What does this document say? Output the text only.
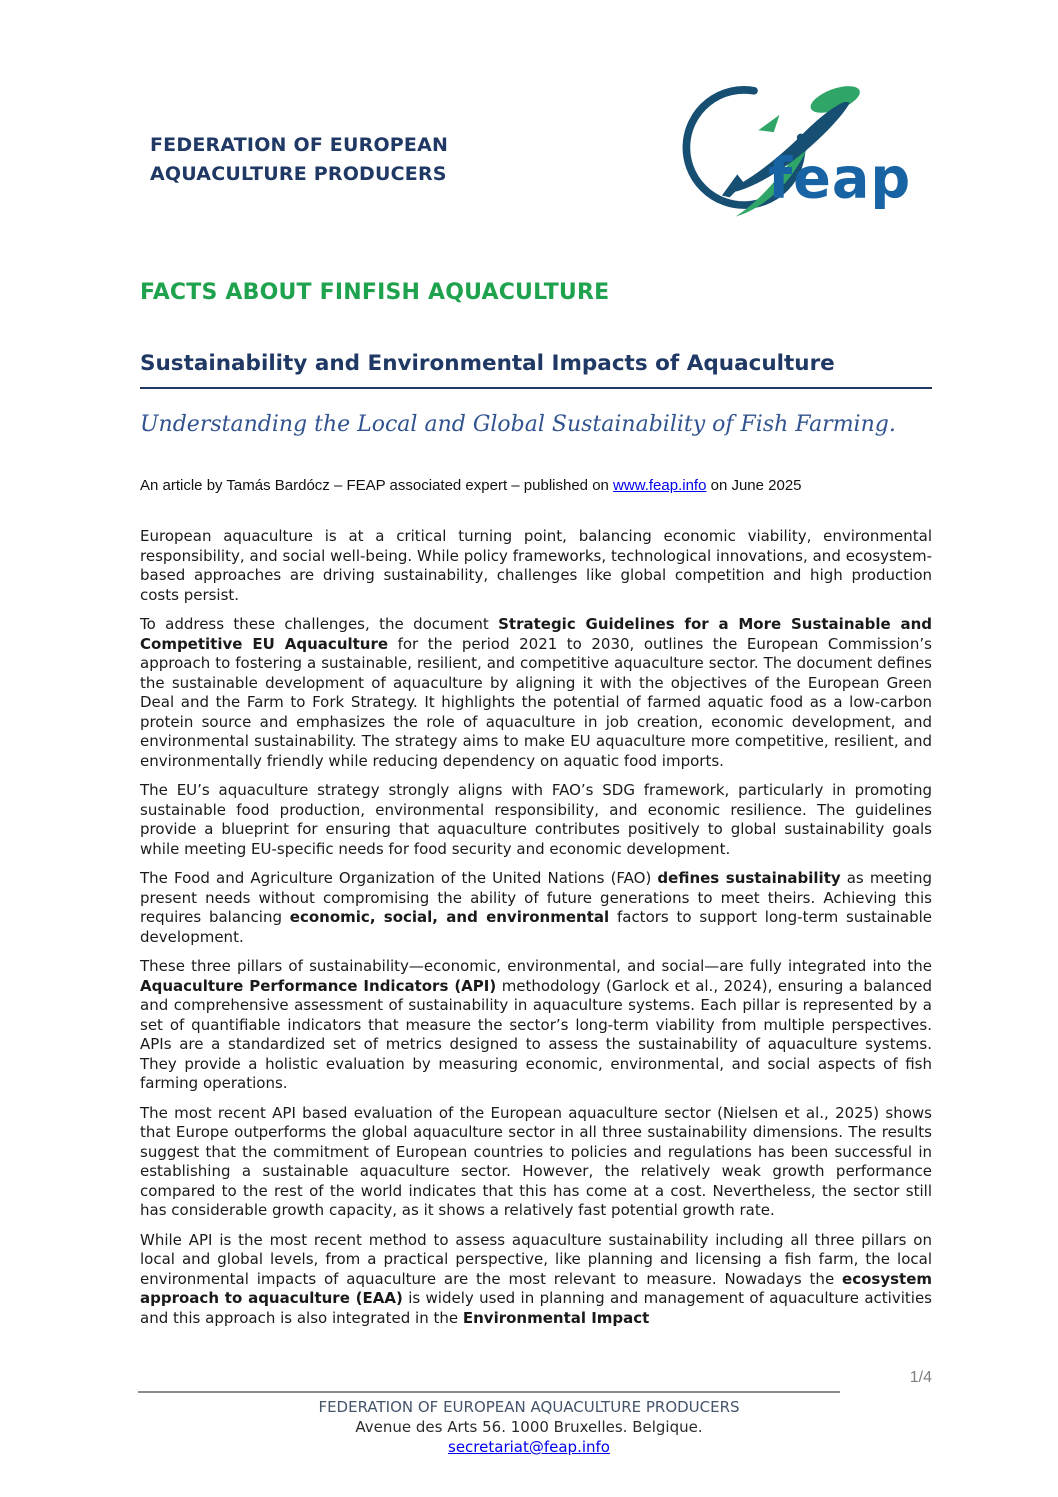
FEDERATION OF EUROPEAN
AQUACULTURE PRODUCERS	feap
FACTS ABOUT FINFISH AQUACULTURE
Sustainability and Environmental Impacts of Aquaculture

Understanding the Local and Global Sustainability of Fish Farming.

An article by Tamás Bardócz – FEAP associated expert – published on www.feap.info on June 2025

European aquaculture is at a critical turning point, balancing economic viability, environmental responsibility, and social well-being. While policy frameworks, technological innovations, and ecosystem-based approaches are driving sustainability, challenges like global competition and high production costs persist.

To address these challenges, the document Strategic Guidelines for a More Sustainable and Competitive EU Aquaculture for the period 2021 to 2030, outlines the European Commission’s approach to fostering a sustainable, resilient, and competitive aquaculture sector. The document defines the sustainable development of aquaculture by aligning it with the objectives of the European Green Deal and the Farm to Fork Strategy. It highlights the potential of farmed aquatic food as a low-carbon protein source and emphasizes the role of aquaculture in job creation, economic development, and environmental sustainability. The strategy aims to make EU aquaculture more competitive, resilient, and environmentally friendly while reducing dependency on aquatic food imports.

The EU’s aquaculture strategy strongly aligns with FAO’s SDG framework, particularly in promoting sustainable food production, environmental responsibility, and economic resilience. The guidelines provide a blueprint for ensuring that aquaculture contributes positively to global sustainability goals while meeting EU-specific needs for food security and economic development.

The Food and Agriculture Organization of the United Nations (FAO) defines sustainability as meeting present needs without compromising the ability of future generations to meet theirs. Achieving this requires balancing economic, social, and environmental factors to support long-term sustainable development.

These three pillars of sustainability—economic, environmental, and social—are fully integrated into the Aquaculture Performance Indicators (API) methodology (Garlock et al., 2024), ensuring a balanced and comprehensive assessment of sustainability in aquaculture systems. Each pillar is represented by a set of quantifiable indicators that measure the sector’s long-term viability from multiple perspectives. APIs are a standardized set of metrics designed to assess the sustainability of aquaculture systems. They provide a holistic evaluation by measuring economic, environmental, and social aspects of fish farming operations.

The most recent API based evaluation of the European aquaculture sector (Nielsen et al., 2025) shows that Europe outperforms the global aquaculture sector in all three sustainability dimensions. The results suggest that the commitment of European countries to policies and regulations has been successful in establishing a sustainable aquaculture sector. However, the relatively weak growth performance compared to the rest of the world indicates that this has come at a cost. Nevertheless, the sector still has considerable growth capacity, as it shows a relatively fast potential growth rate.

While API is the most recent method to assess aquaculture sustainability including all three pillars on local and global levels, from a practical perspective, like planning and licensing a fish farm, the local environmental impacts of aquaculture are the most relevant to measure. Nowadays the ecosystem approach to aquaculture (EAA) is widely used in planning and management of aquaculture activities and this approach is also integrated in the Environmental Impact

1/4
FEDERATION OF EUROPEAN AQUACULTURE PRODUCERS
Avenue des Arts 56. 1000 Bruxelles. Belgique.
secretariat@feap.info
